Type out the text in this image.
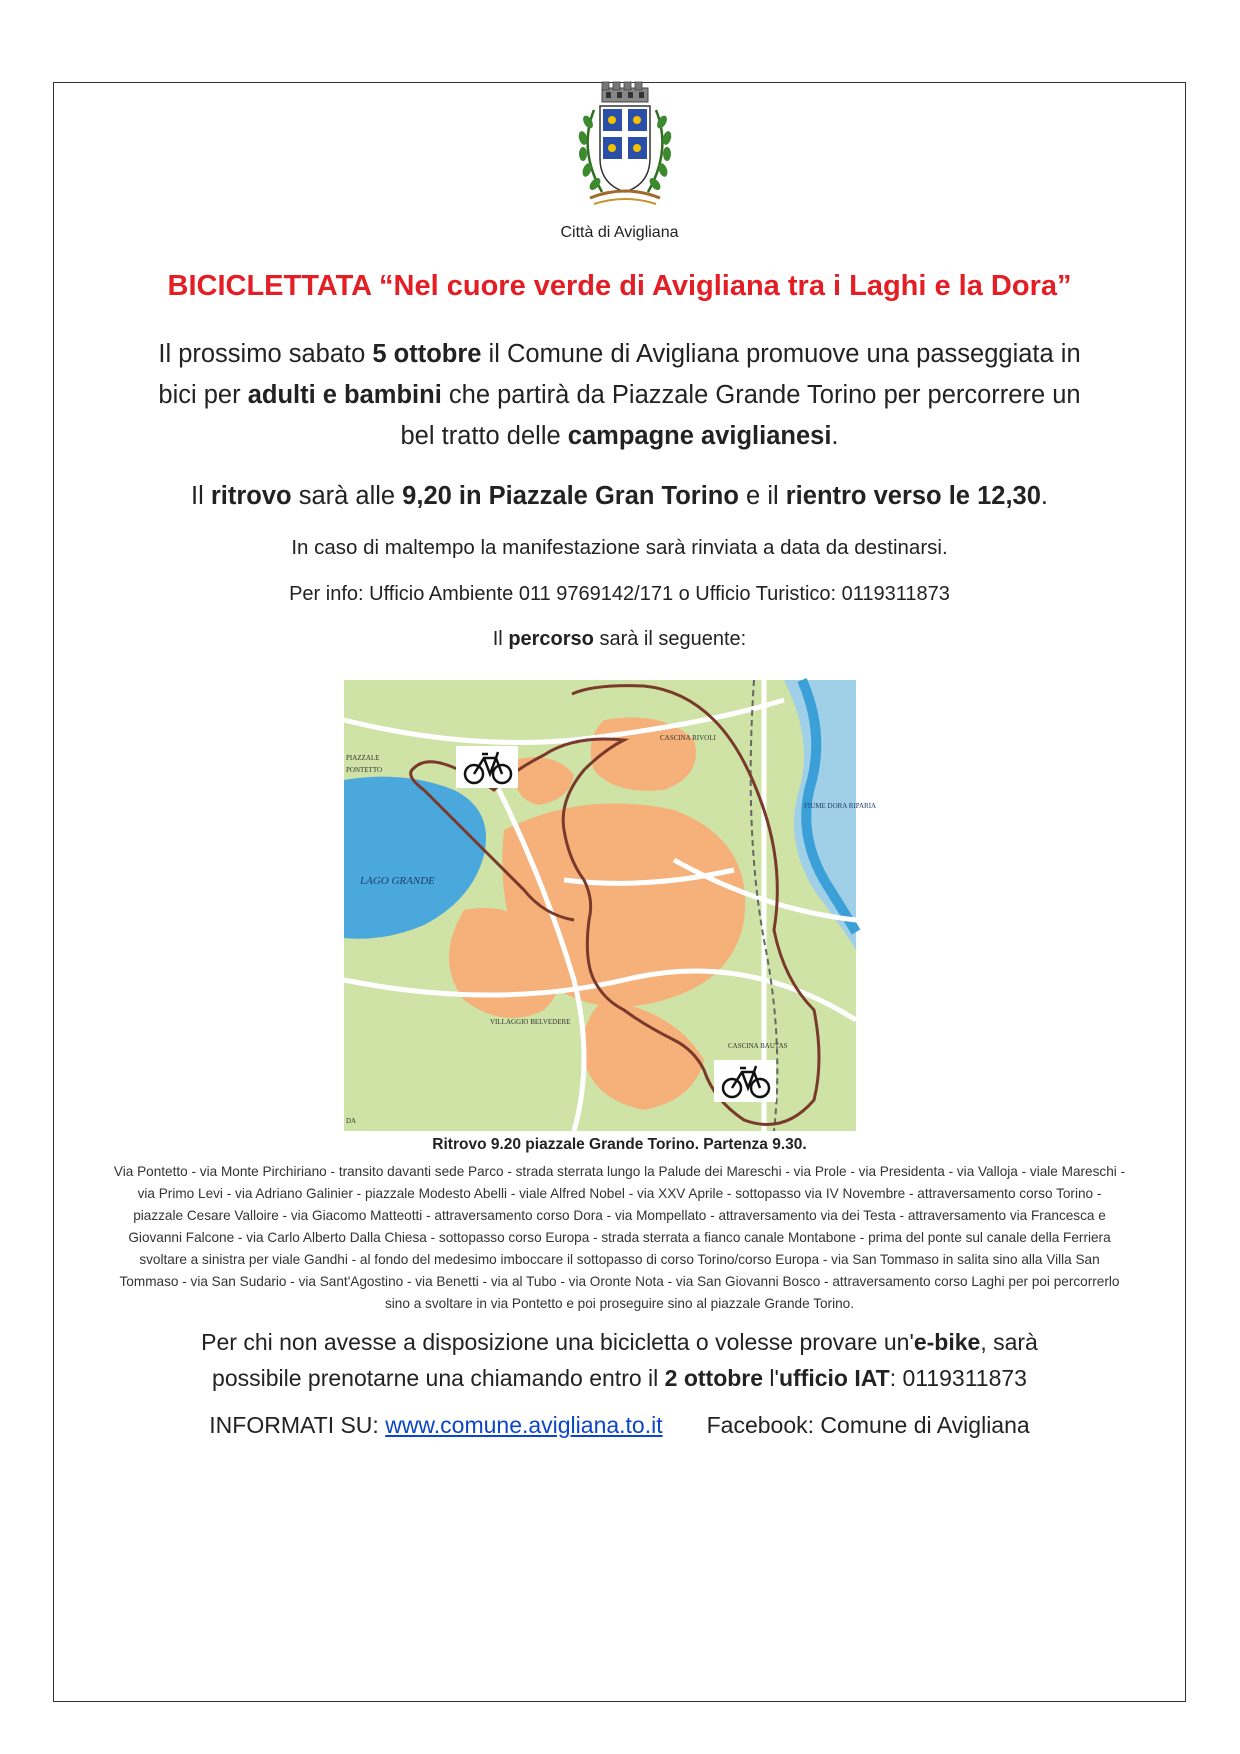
Città di Avigliana
BICICLETTATA “Nel cuore verde di Avigliana tra i Laghi e la Dora”
Il prossimo sabato 5 ottobre il Comune di Avigliana promuove una passeggiata in bici per adulti e bambini che partirà da Piazzale Grande Torino per percorrere un bel tratto delle campagne aviglianesi.
Il ritrovo sarà alle 9,20 in Piazzale Gran Torino e il rientro verso le 12,30.
In caso di maltempo la manifestazione sarà rinviata a data da destinarsi.
Per info: Ufficio Ambiente 011 9769142/171 o Ufficio Turistico: 0119311873
Il percorso sarà il seguente:
LAGO GRANDE
FIUME DORA RIPARIA
CASCINA RIVOLI
CASCINA BAUTAS
VILLAGGIO BELVEDERE
PIAZZALE
PONTETTO
DA
Ritrovo 9.20 piazzale Grande Torino. Partenza 9.30.
Via Pontetto - via Monte Pirchiriano - transito davanti sede Parco - strada sterrata lungo la Palude dei Mareschi - via Prole - via Presidenta - via Valloja - viale Mareschi - via Primo Levi - via Adriano Galinier - piazzale Modesto Abelli - viale Alfred Nobel - via XXV Aprile - sottopasso via IV Novembre - attraversamento corso Torino - piazzale Cesare Valloire - via Giacomo Matteotti - attraversamento corso Dora - via Mompellato - attraversamento via dei Testa - attraversamento via Francesca e Giovanni Falcone - via Carlo Alberto Dalla Chiesa - sottopasso corso Europa - strada sterrata a fianco canale Montabone - prima del ponte sul canale della Ferriera svoltare a sinistra per viale Gandhi - al fondo del medesimo imboccare il sottopasso di corso Torino/corso Europa - via San Tommaso in salita sino alla Villa San Tommaso - via San Sudario - via Sant'Agostino - via Benetti - via al Tubo - via Oronte Nota - via San Giovanni Bosco - attraversamento corso Laghi per poi percorrerlo sino a svoltare in via Pontetto e poi proseguire sino al piazzale Grande Torino.
Per chi non avesse a disposizione una bicicletta o volesse provare un'e-bike, sarà possibile prenotarne una chiamando entro il 2 ottobre l'ufficio IAT: 0119311873
INFORMATI SU: www.comune.avigliana.to.it Facebook: Comune di Avigliana
